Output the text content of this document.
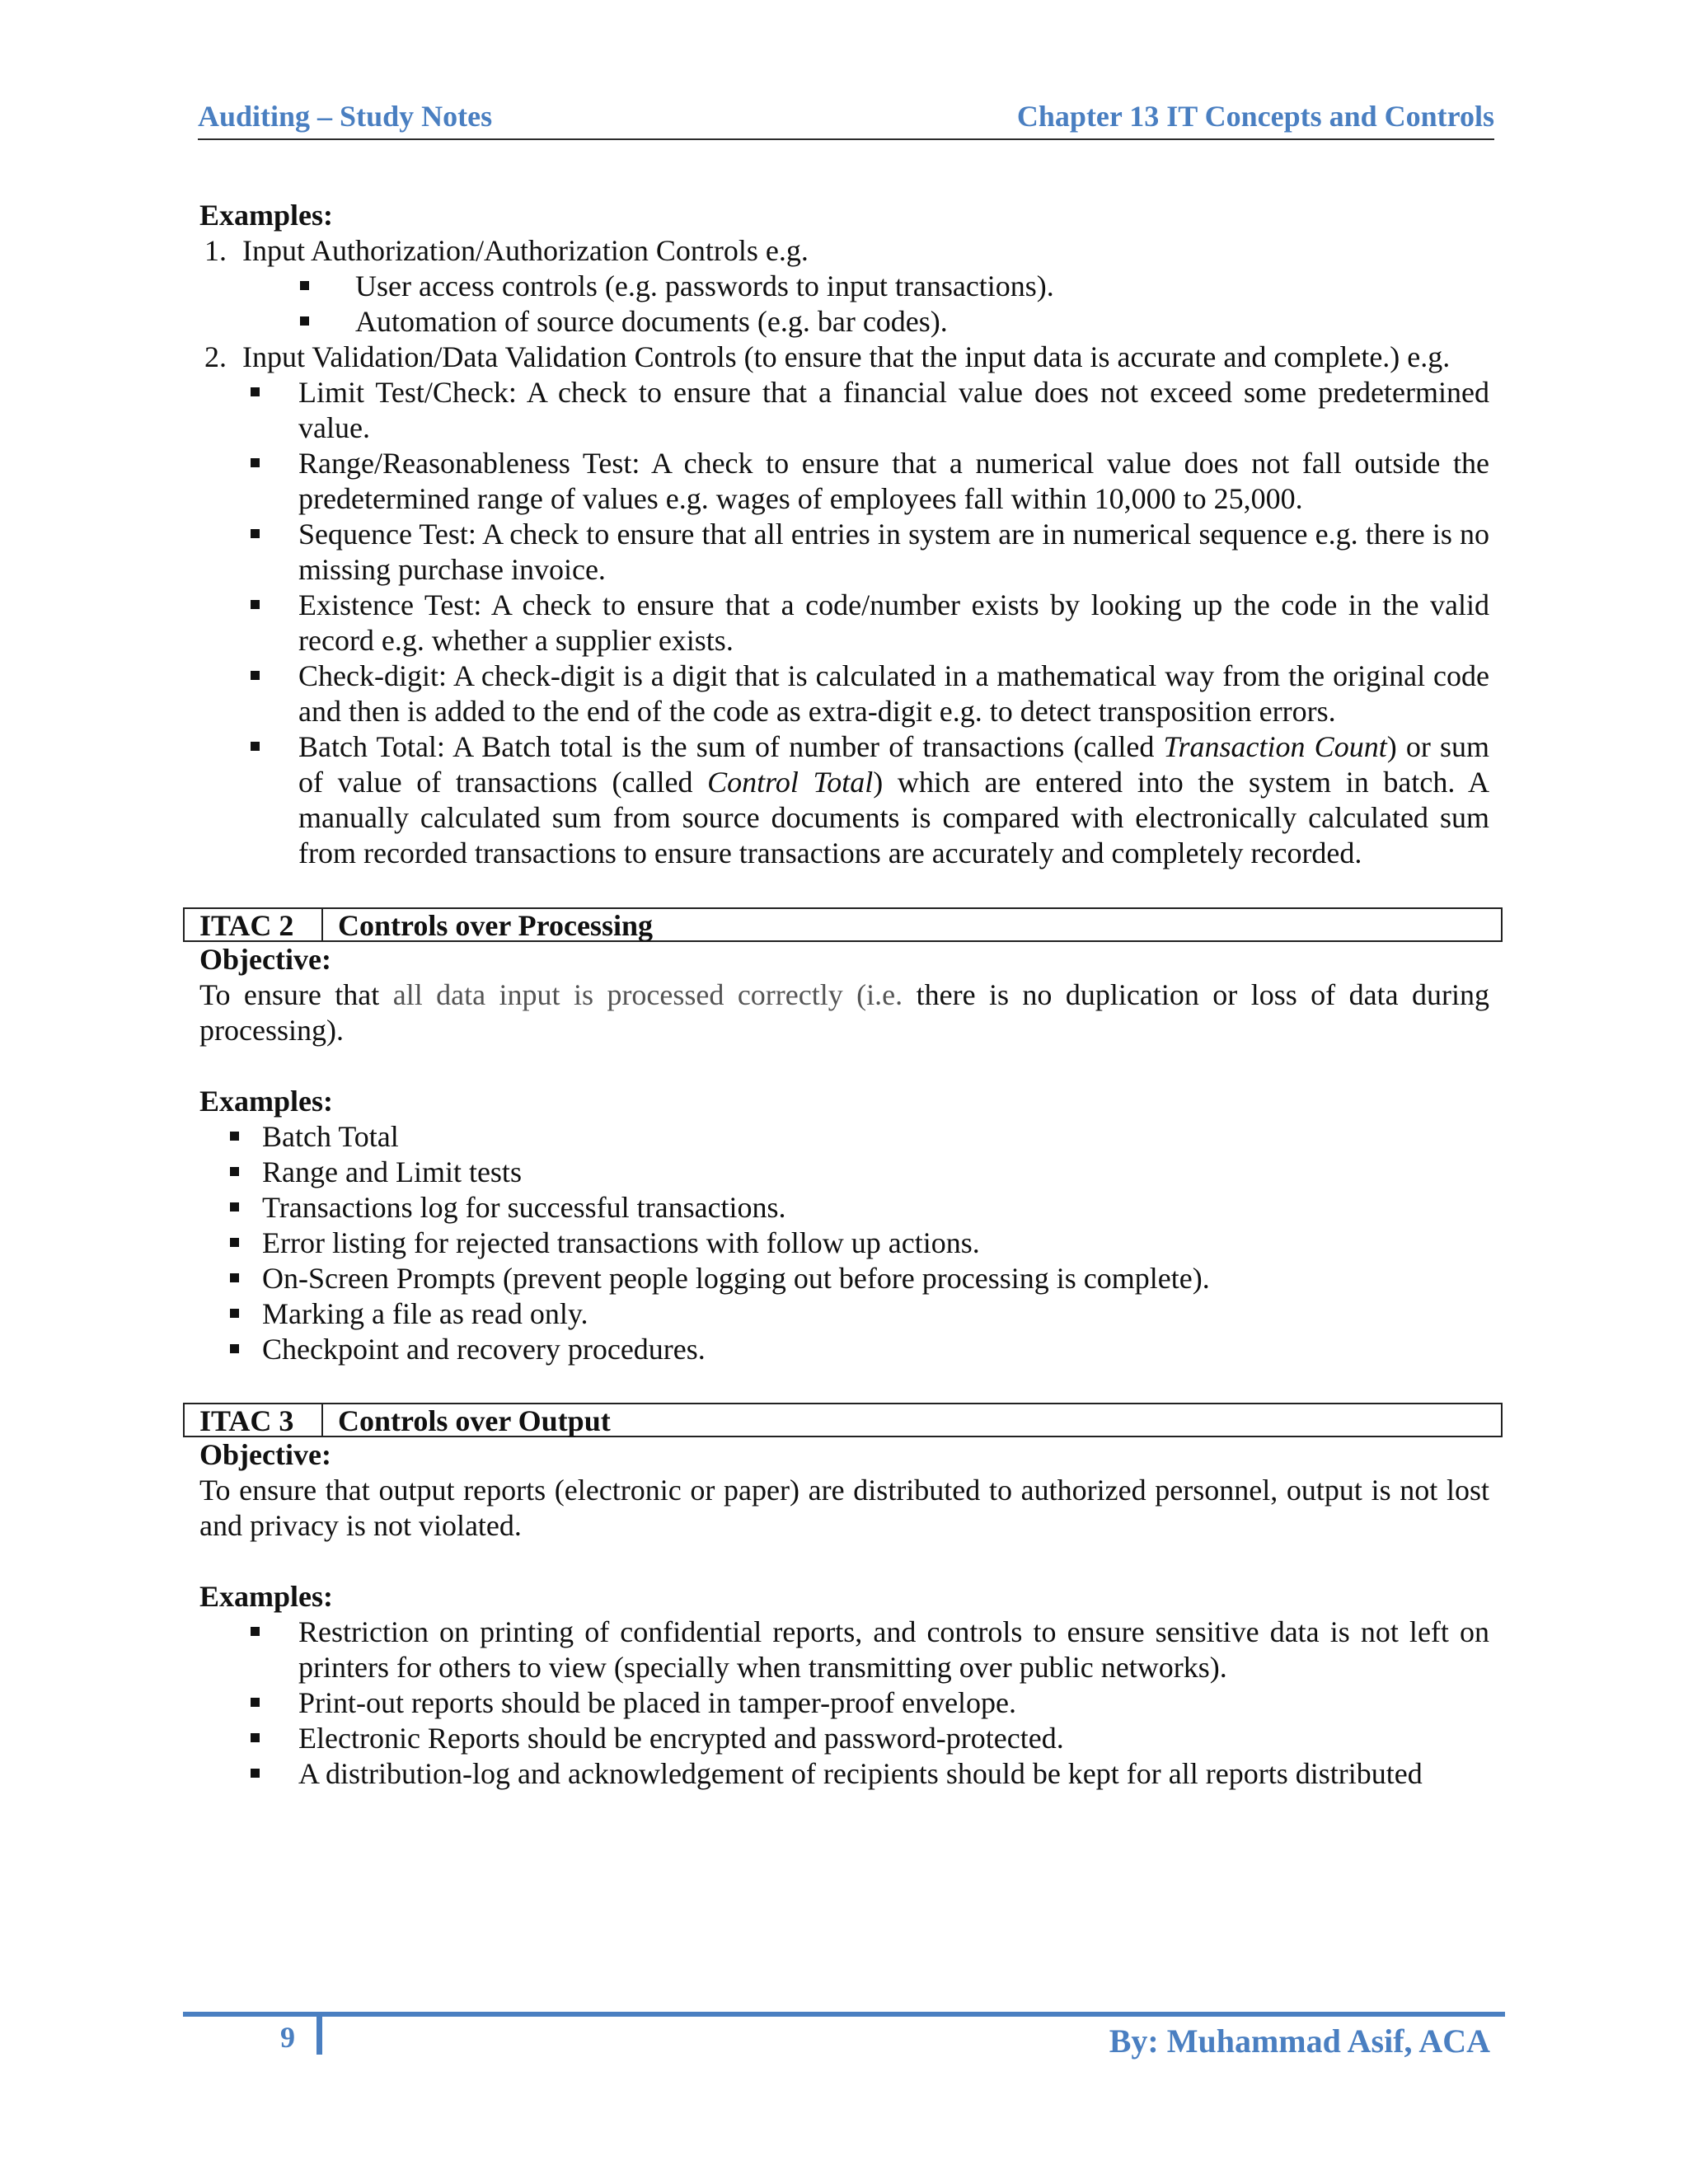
Auditing – Study Notes	Chapter 13 IT Concepts and Controls

Examples:

1. Input Authorization/Authorization Controls e.g.
User access controls (e.g. passwords to input transactions).
Automation of source documents (e.g. bar codes).
2. Input Validation/Data Validation Controls (to ensure that the input data is accurate and complete.) e.g.

Limit Test/Check: A check to ensure that a financial value does not exceed some predetermined value.
Range/Reasonableness Test: A check to ensure that a numerical value does not fall outside the predetermined range of values e.g. wages of employees fall within 10,000 to 25,000.
Sequence Test: A check to ensure that all entries in system are in numerical sequence e.g. there is no missing purchase invoice.
Existence Test: A check to ensure that a code/number exists by looking up the code in the valid record e.g. whether a supplier exists.
Check-digit: A check-digit is a digit that is calculated in a mathematical way from the original code and then is added to the end of the code as extra-digit e.g. to detect transposition errors.
Batch Total: A Batch total is the sum of number of transactions (called Transaction Count) or sum of value of transactions (called Control Total) which are entered into the system in batch. A manually calculated sum from source documents is compared with electronically calculated sum from recorded transactions to ensure transactions are accurately and completely recorded.
ITAC 2	Controls over Processing

Objective:

To ensure that all data input is processed correctly (i.e. there is no duplication or loss of data during processing).

Examples:

Batch Total
Range and Limit tests
Transactions log for successful transactions.
Error listing for rejected transactions with follow up actions.
On-Screen Prompts (prevent people logging out before processing is complete).
Marking a file as read only.
Checkpoint and recovery procedures.
ITAC 3	Controls over Output

Objective:

To ensure that output reports (electronic or paper) are distributed to authorized personnel, output is not lost and privacy is not violated.

Examples:

Restriction on printing of confidential reports, and controls to ensure sensitive data is not left on printers for others to view (specially when transmitting over public networks).
Print-out reports should be placed in tamper-proof envelope.
Electronic Reports should be encrypted and password-protected.
A distribution-log and acknowledgement of recipients should be kept for all reports distributed
9	By: Muhammad Asif, ACA
